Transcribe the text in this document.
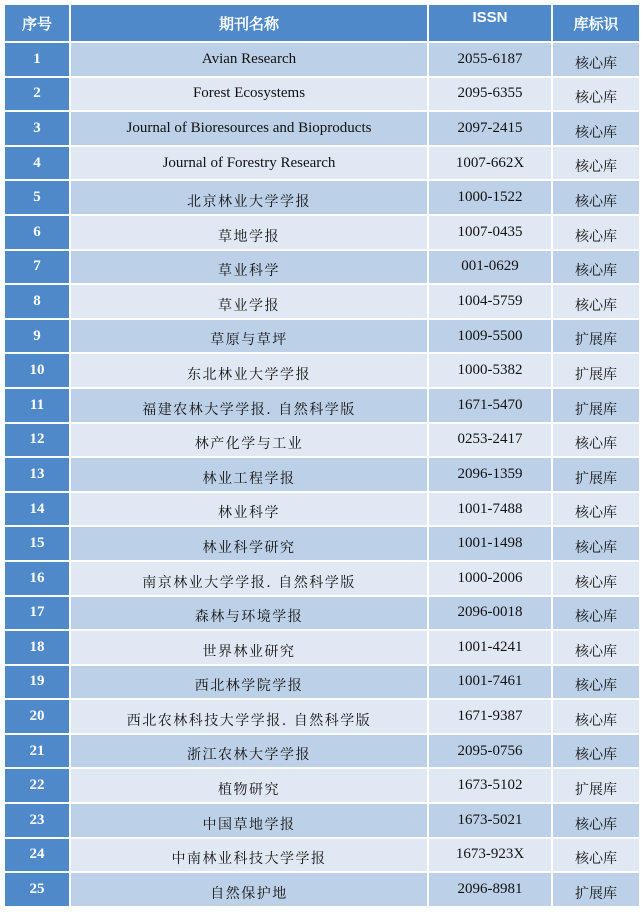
序号	期刊名称	ISSN	库标识
1	Avian Research	2055-6187	核心库
2	Forest Ecosystems	2095-6355	核心库
3	Journal of Bioresources and Bioproducts	2097-2415	核心库
4	Journal of Forestry Research	1007-662X	核心库
5	北京林业大学学报	1000-1522	核心库
6	草地学报	1007-0435	核心库
7	草业科学	001-0629	核心库
8	草业学报	1004-5759	核心库
9	草原与草坪	1009-5500	扩展库
10	东北林业大学学报	1000-5382	扩展库
11	福建农林大学学报. 自然科学版	1671-5470	扩展库
12	林产化学与工业	0253-2417	核心库
13	林业工程学报	2096-1359	扩展库
14	林业科学	1001-7488	核心库
15	林业科学研究	1001-1498	核心库
16	南京林业大学学报. 自然科学版	1000-2006	核心库
17	森林与环境学报	2096-0018	核心库
18	世界林业研究	1001-4241	核心库
19	西北林学院学报	1001-7461	核心库
20	西北农林科技大学学报. 自然科学版	1671-9387	核心库
21	浙江农林大学学报	2095-0756	核心库
22	植物研究	1673-5102	扩展库
23	中国草地学报	1673-5021	核心库
24	中南林业科技大学学报	1673-923X	核心库
25	自然保护地	2096-8981	扩展库
